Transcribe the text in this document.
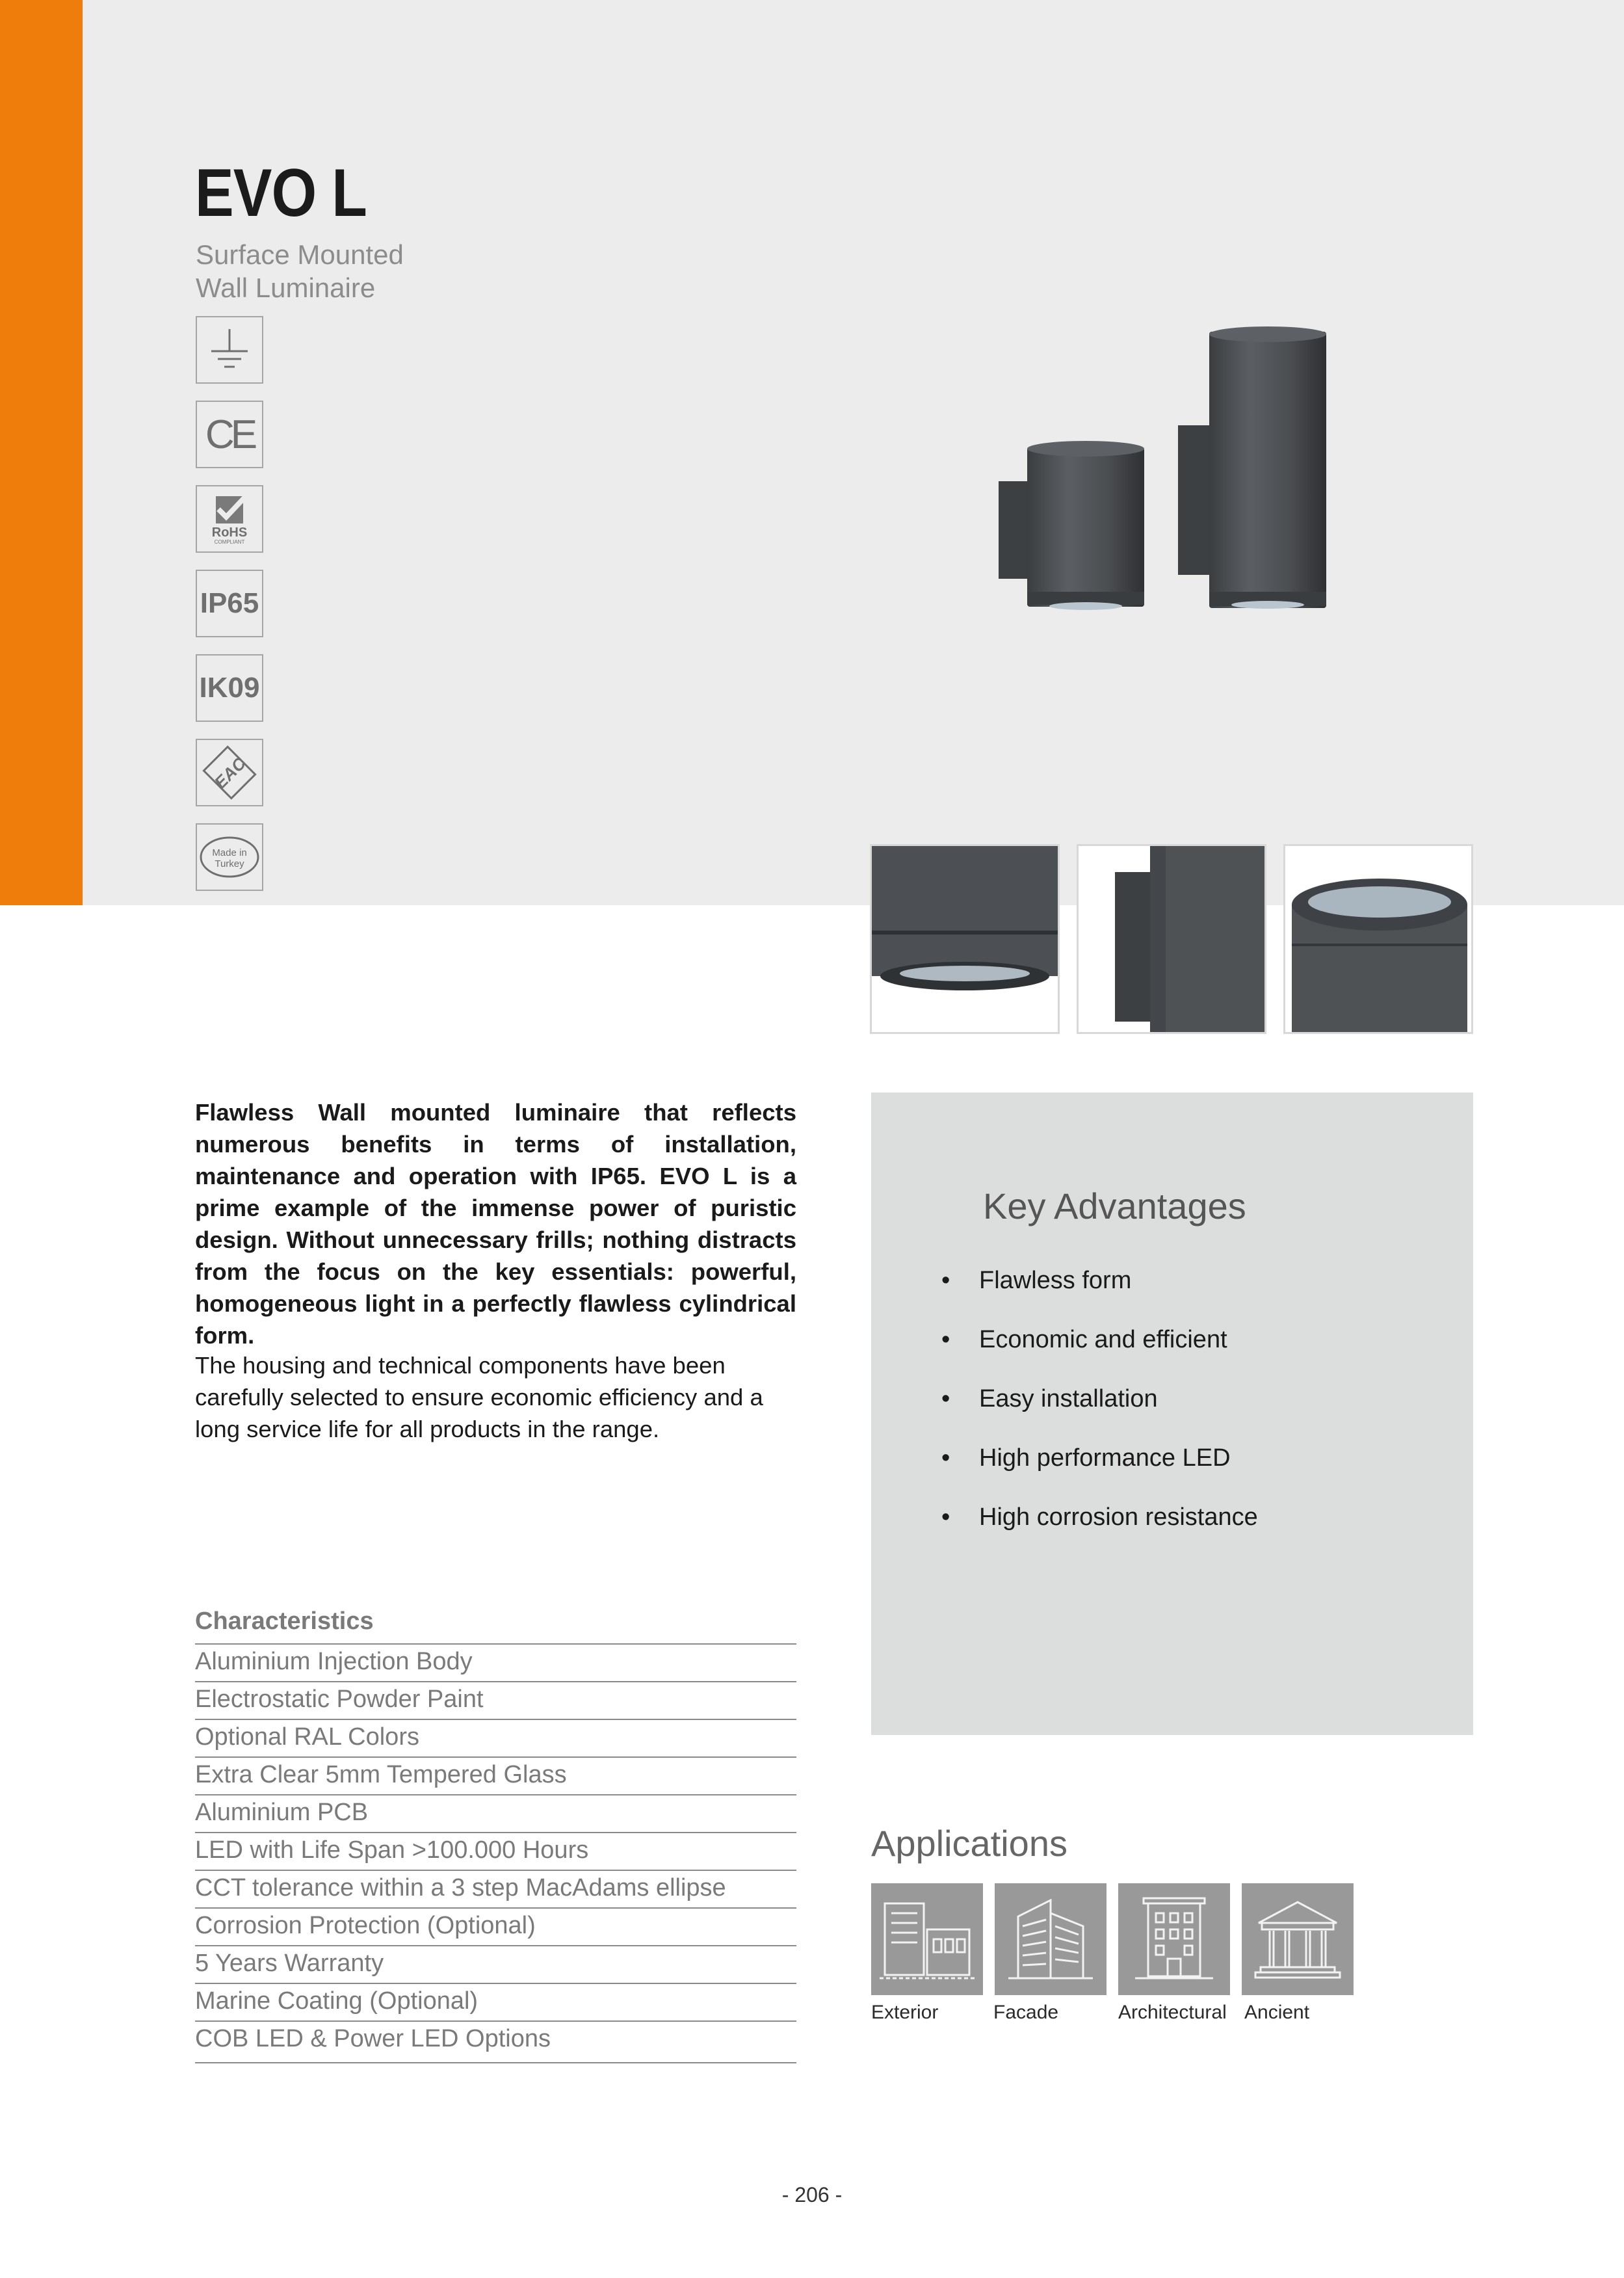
EVO L
Surface Mounted
Wall Luminaire
CE
RoHS
COMPLIANT
IP65
IK09
EAC
Made in
Turkey

Flawless Wall mounted luminaire that reflects numerous benefits in terms of installation, maintenance and operation with IP65. EVO L is a prime example of the immense power of puristic design. Without unnecessary frills; nothing distracts from the focus on the key essentials: powerful, homogeneous light in a perfectly flawless cylindrical form.

The housing and technical components have been carefully selected to ensure economic efficiency and a long service life for all products in the range.

Key Advantages
• Flawless form
• Economic and efficient
• Easy installation
• High performance LED
• High corrosion resistance
Characteristics
Aluminium Injection Body
Electrostatic Powder Paint
Optional RAL Colors
Extra Clear 5mm Tempered Glass
Aluminium PCB
LED with Life Span >100.000 Hours
CCT tolerance within a 3 step MacAdams ellipse
Corrosion Protection (Optional)
5 Years Warranty
Marine Coating (Optional)
COB LED & Power LED Options
Applications
Exterior	Facade	Architectural Ancient
- 206 -
